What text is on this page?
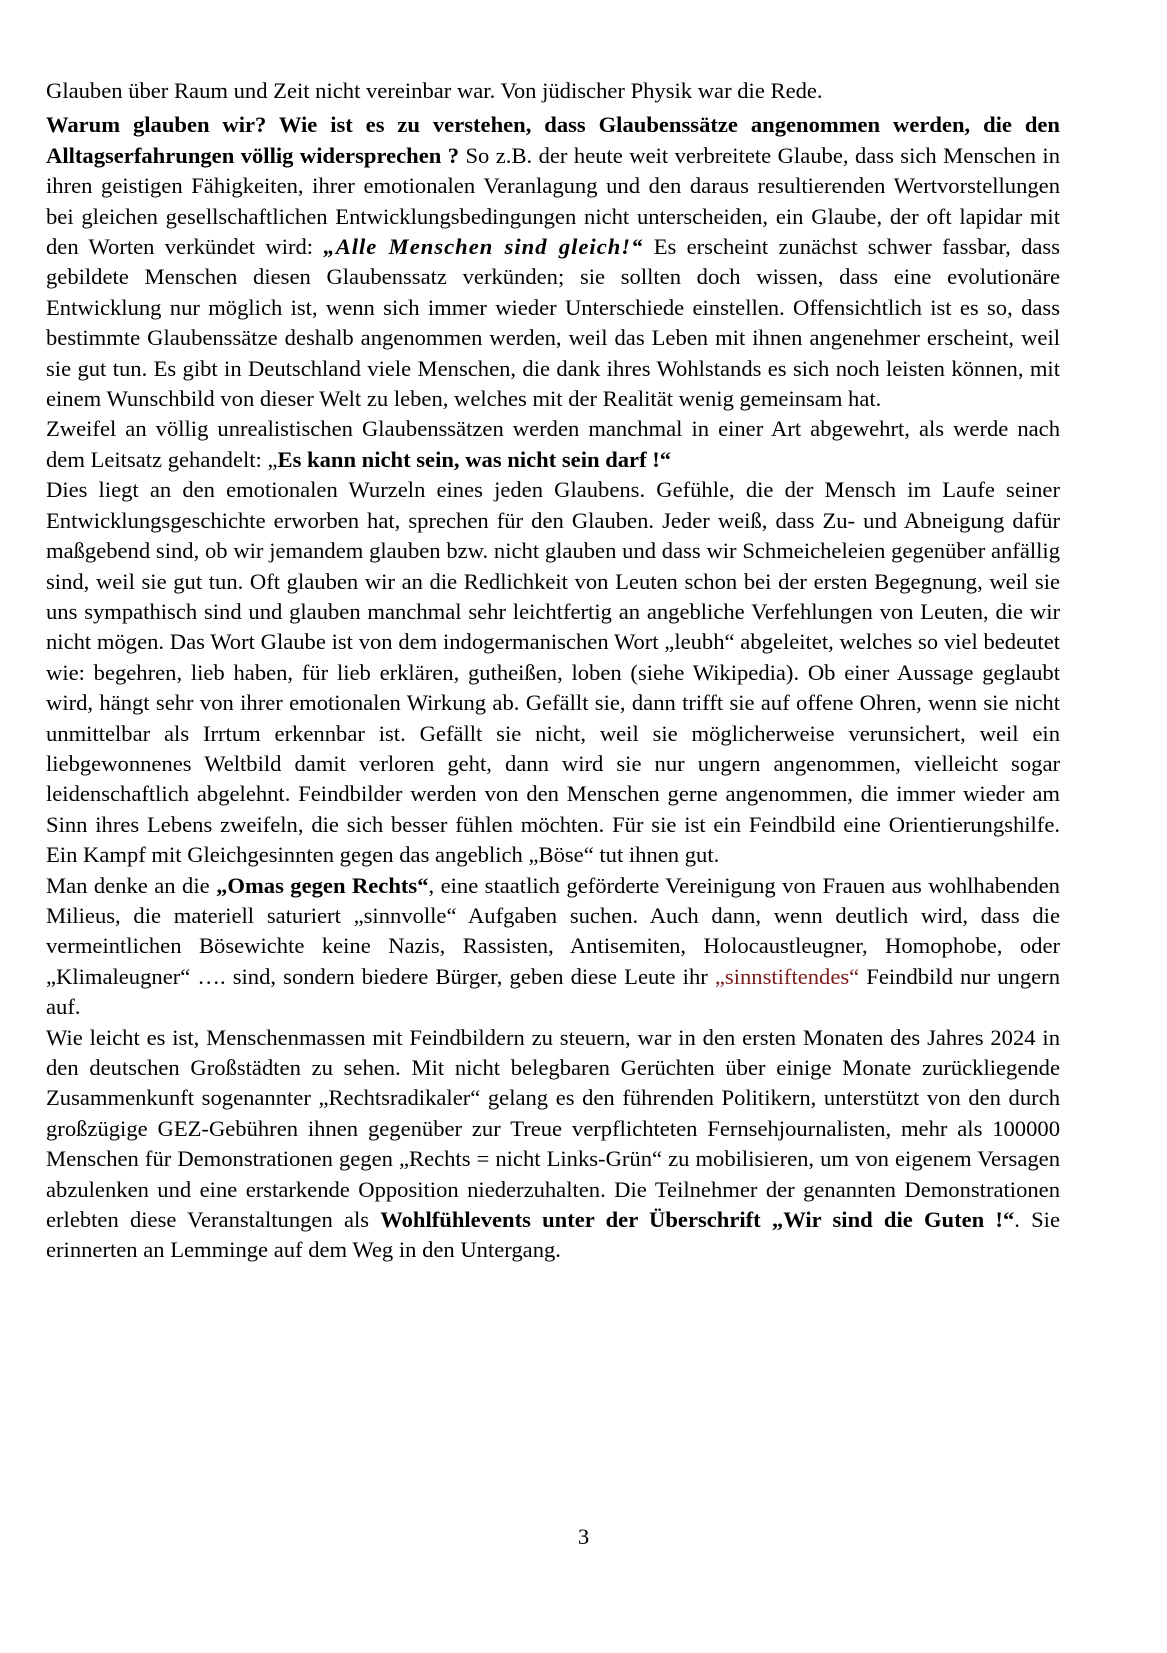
Glauben über Raum und Zeit nicht vereinbar war. Von jüdischer Physik war die Rede.

Warum glauben wir? Wie ist es zu verstehen, dass Glaubenssätze angenommen werden, die den Alltagserfahrungen völlig widersprechen ? So z.B. der heute weit verbreitete Glaube, dass sich Menschen in ihren geistigen Fähigkeiten, ihrer emotionalen Veranlagung und den daraus resultierenden Wertvorstellungen bei gleichen gesellschaftlichen Entwicklungsbedingungen nicht unterscheiden, ein Glaube, der oft lapidar mit den Worten verkündet wird: „Alle Menschen sind gleich!“ Es erscheint zunächst schwer fassbar, dass gebildete Menschen diesen Glaubenssatz verkünden; sie sollten doch wissen, dass eine evolutionäre Entwicklung nur möglich ist, wenn sich immer wieder Unterschiede einstellen. Offensichtlich ist es so, dass bestimmte Glaubenssätze deshalb angenommen werden, weil das Leben mit ihnen angenehmer erscheint, weil sie gut tun. Es gibt in Deutschland viele Menschen, die dank ihres Wohlstands es sich noch leisten können, mit einem Wunschbild von dieser Welt zu leben, welches mit der Realität wenig gemeinsam hat.

Zweifel an völlig unrealistischen Glaubenssätzen werden manchmal in einer Art abgewehrt, als werde nach dem Leitsatz gehandelt: „Es kann nicht sein, was nicht sein darf !“

Dies liegt an den emotionalen Wurzeln eines jeden Glaubens. Gefühle, die der Mensch im Laufe seiner Entwicklungsgeschichte erworben hat, sprechen für den Glauben. Jeder weiß, dass Zu- und Abneigung dafür maßgebend sind, ob wir jemandem glauben bzw. nicht glauben und dass wir Schmeicheleien gegenüber anfällig sind, weil sie gut tun. Oft glauben wir an die Redlichkeit von Leuten schon bei der ersten Begegnung, weil sie uns sympathisch sind und glauben manchmal sehr leichtfertig an angebliche Verfehlungen von Leuten, die wir nicht mögen. Das Wort Glaube ist von dem indogermanischen Wort „leubh“ abgeleitet, welches so viel bedeutet wie: begehren, lieb haben, für lieb erklären, gutheißen, loben (siehe Wikipedia). Ob einer Aussage geglaubt wird, hängt sehr von ihrer emotionalen Wirkung ab. Gefällt sie, dann trifft sie auf offene Ohren, wenn sie nicht unmittelbar als Irrtum erkennbar ist. Gefällt sie nicht, weil sie möglicherweise verunsichert, weil ein liebgewonnenes Weltbild damit verloren geht, dann wird sie nur ungern angenommen, vielleicht sogar leidenschaftlich abgelehnt. Feindbilder werden von den Menschen gerne angenommen, die immer wieder am Sinn ihres Lebens zweifeln, die sich besser fühlen möchten. Für sie ist ein Feindbild eine Orientierungshilfe. Ein Kampf mit Gleichgesinnten gegen das angeblich „Böse“ tut ihnen gut.

Man denke an die „Omas gegen Rechts“, eine staatlich geförderte Vereinigung von Frauen aus wohlhabenden Milieus, die materiell saturiert „sinnvolle“ Aufgaben suchen. Auch dann, wenn deutlich wird, dass die vermeintlichen Bösewichte keine Nazis, Rassisten, Antisemiten, Holocaustleugner, Homophobe, oder „Klimaleugner“ …. sind, sondern biedere Bürger, geben diese Leute ihr „sinnstiftendes“ Feindbild nur ungern auf.

Wie leicht es ist, Menschenmassen mit Feindbildern zu steuern, war in den ersten Monaten des Jahres 2024 in den deutschen Großstädten zu sehen. Mit nicht belegbaren Gerüchten über einige Monate zurückliegende Zusammenkunft sogenannter „Rechtsradikaler“ gelang es den führenden Politikern, unterstützt von den durch großzügige GEZ-Gebühren ihnen gegenüber zur Treue verpflichteten Fernsehjournalisten, mehr als 100000 Menschen für Demonstrationen gegen „Rechts = nicht Links-Grün“ zu mobilisieren, um von eigenem Versagen abzulenken und eine erstarkende Opposition niederzuhalten. Die Teilnehmer der genannten Demonstrationen erlebten diese Veranstaltungen als Wohlfühlevents unter der Überschrift „Wir sind die Guten !“. Sie erinnerten an Lemminge auf dem Weg in den Untergang.

3
